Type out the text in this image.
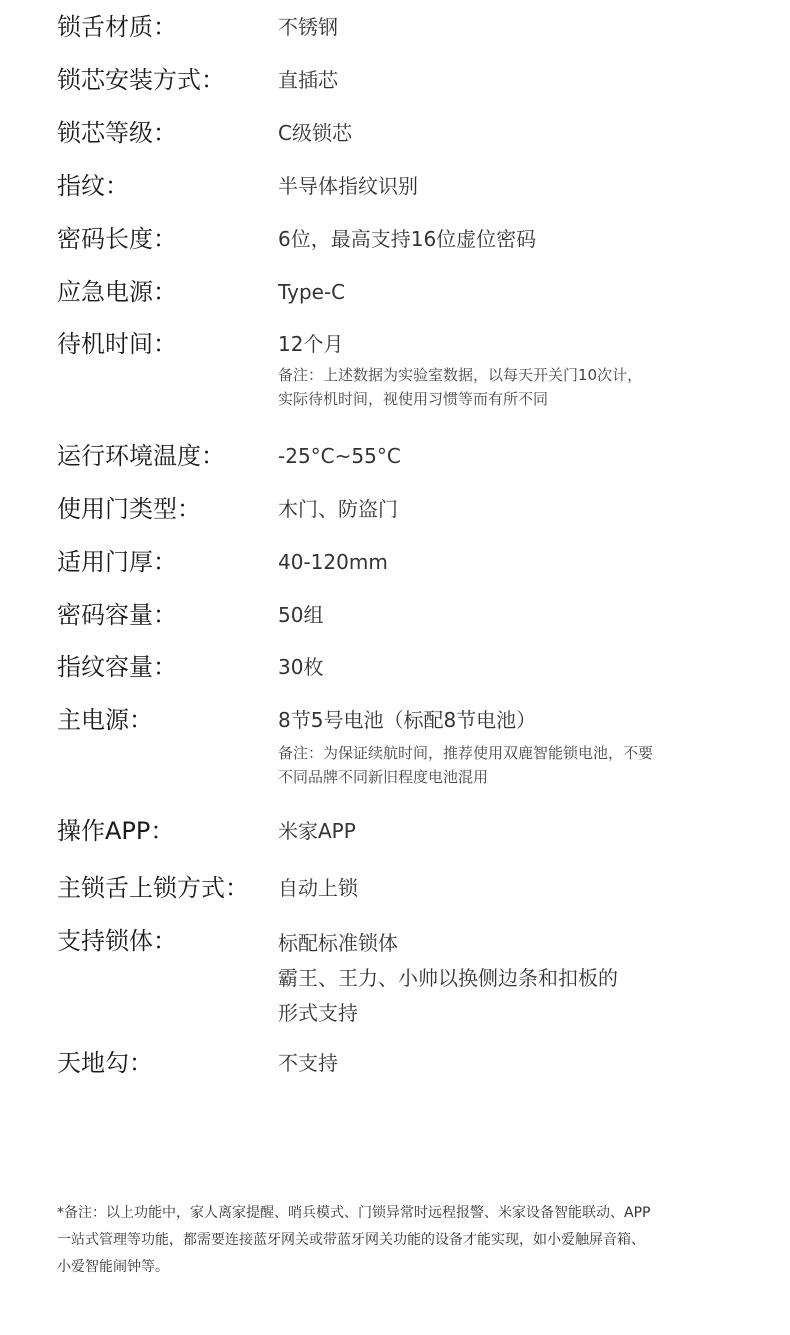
锁舌材质：	不锈钢
锁芯安装方式：	直插芯
锁芯等级：	C级锁芯
指纹：	半导体指纹识别
密码长度：	6位，最高支持16位虚位密码
应急电源：	Type-C
待机时间：	12个月
备注：上述数据为实验室数据，以每天开关门10次计，
实际待机时间，视使用习惯等而有所不同
运行环境温度：	-25°C~55°C
使用门类型：	木门、防盗门
适用门厚：	40-120mm
密码容量：	50组
指纹容量：	30枚
主电源：	8节5号电池（标配8节电池）
备注：为保证续航时间，推荐使用双鹿智能锁电池，不要
不同品牌不同新旧程度电池混用
操作APP：	米家APP
主锁舌上锁方式： 自动上锁
支持锁体：	标配标准锁体
霸王、王力、小帅以换侧边条和扣板的
形式支持
天地勾：	不支持
*备注：以上功能中，家人离家提醒、哨兵模式、门锁异常时远程报警、米家设备智能联动、APP
一站式管理等功能，都需要连接蓝牙网关或带蓝牙网关功能的设备才能实现，如小爱触屏音箱、
小爱智能闹钟等。
